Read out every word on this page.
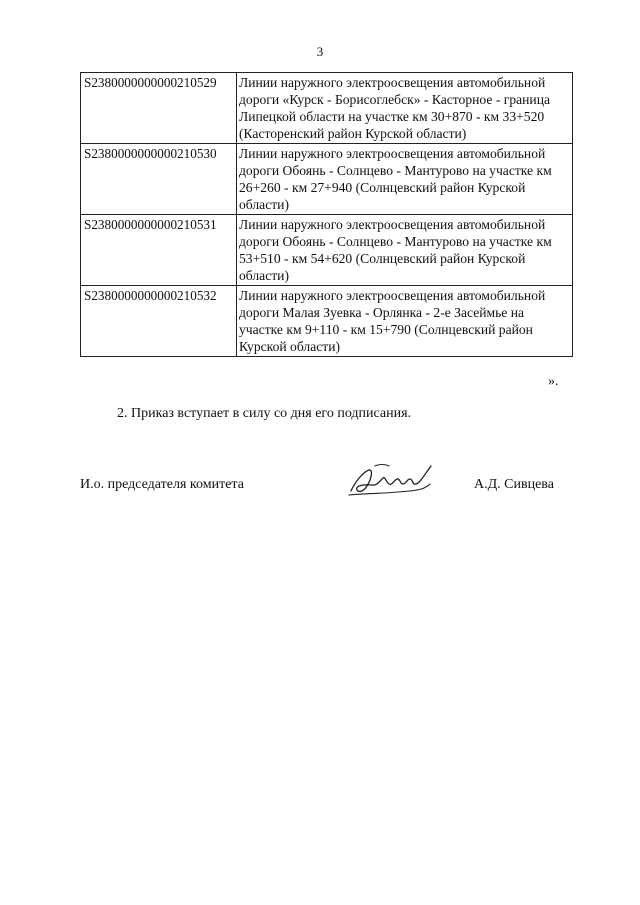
3
S2380000000000210529	Линии наружного электроосвещения автомобильной дороги «Курск - Борисоглебск» - Касторное - граница Липецкой области на участке км 30+870 - км 33+520 (Касторенский район Курской области)
S2380000000000210530	Линии наружного электроосвещения автомобильной дороги Обоянь - Солнцево - Мантурово на участке км 26+260 - км 27+940 (Солнцевский район Курской области)
S2380000000000210531	Линии наружного электроосвещения автомобильной дороги Обоянь - Солнцево - Мантурово на участке км 53+510 - км 54+620 (Солнцевский район Курской области)
S2380000000000210532	Линии наружного электроосвещения автомобильной дороги Малая Зуевка - Орлянка - 2-е Засеймье на участке км 9+110 - км 15+790 (Солнцевский район Курской области)
».
2. Приказ вступает в силу со дня его подписания.
И.о. председателя комитета	А.Д. Сивцева
